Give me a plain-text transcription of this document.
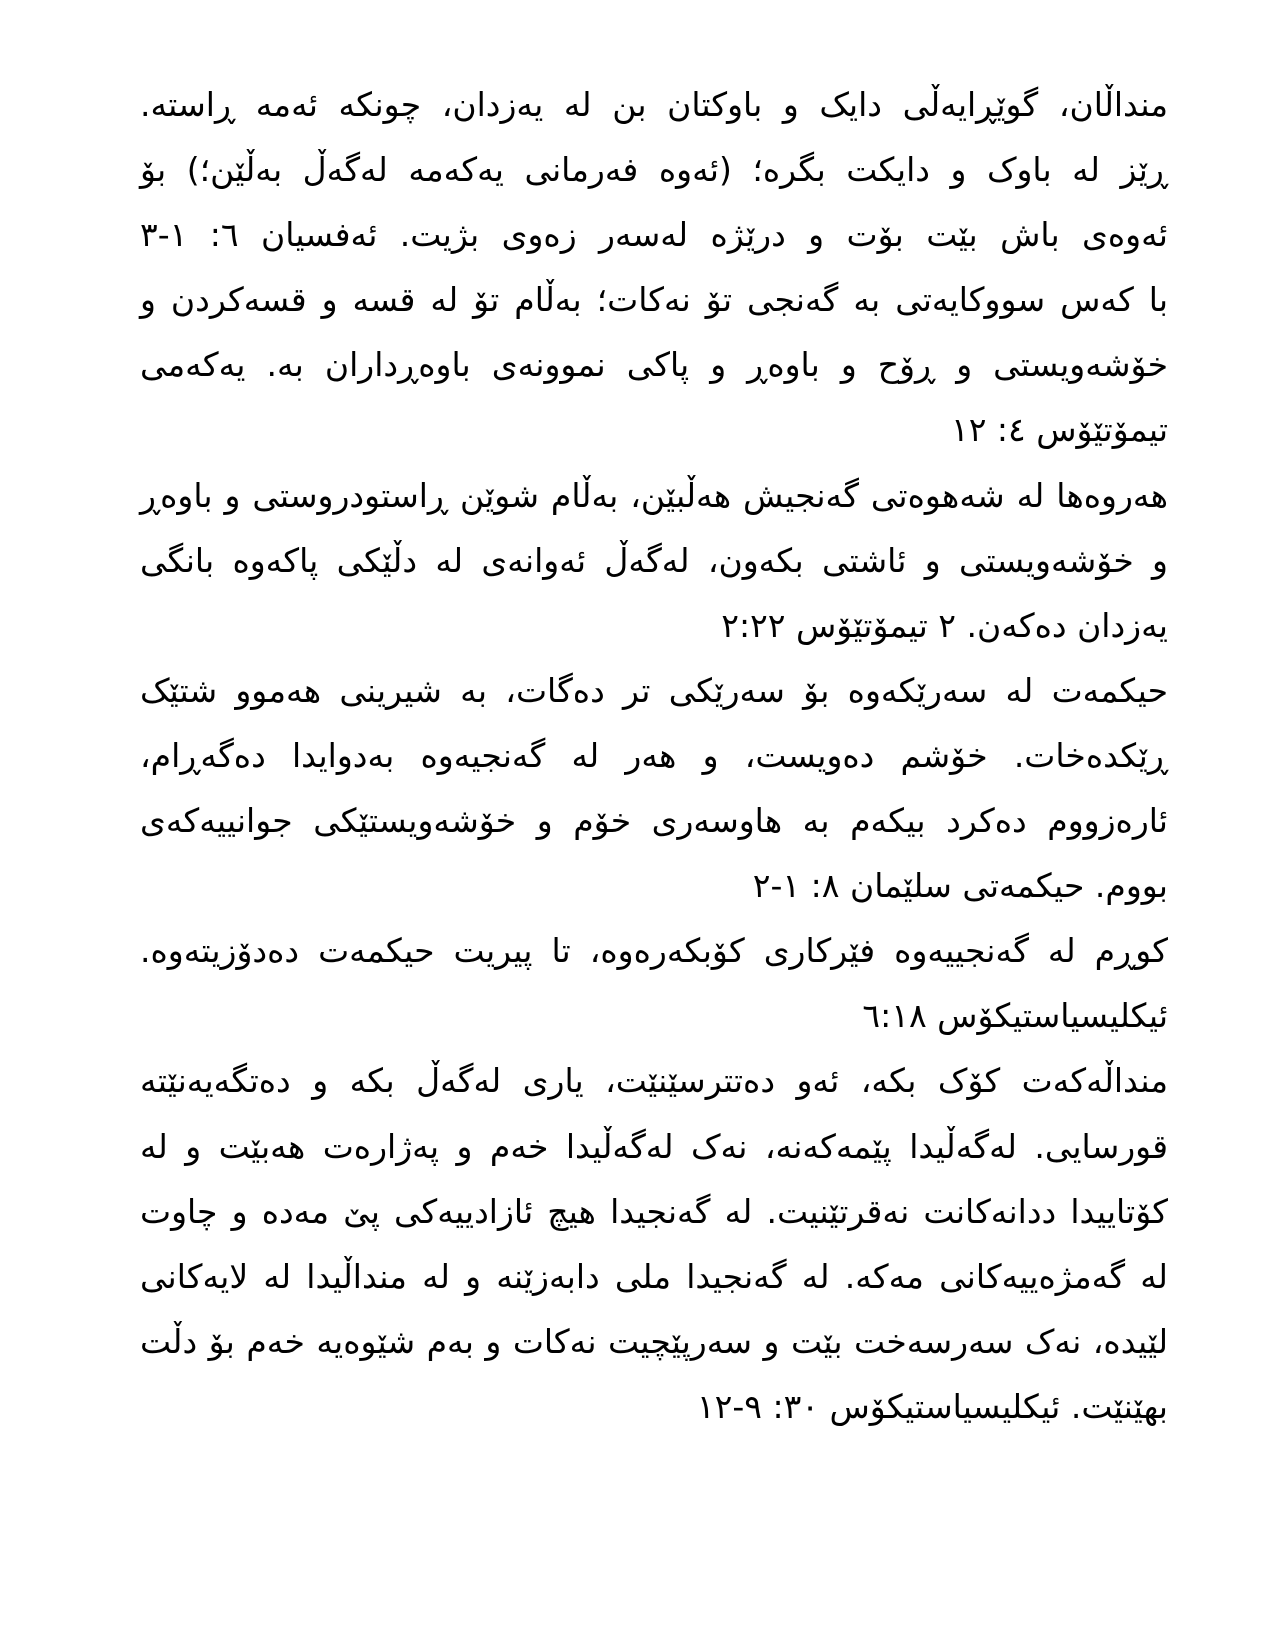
منداڵان، گوێڕایەڵی دایک و باوکتان بن لە یەزدان، چونکە ئەمە ڕاستە.
ڕێز لە باوک و دایکت بگرە؛ (ئەوە فەرمانی یەکەمە لەگەڵ بەڵێن؛) بۆ
ئەوەی باش بێت بۆت و درێژە لەسەر زەوی بژیت. ئەفسیان ٦: ١-٣
با کەس سووکایەتی بە گەنجی تۆ نەکات؛ بەڵام تۆ لە قسە و قسەکردن و
خۆشەویستی و ڕۆح و باوەڕ و پاکی نموونەی باوەڕداران بە. یەکەمی
تیمۆتێۆس ٤: ١٢
هەروەها لە شەهوەتی گەنجیش هەڵبێن، بەڵام شوێن ڕاستودروستی و باوەڕ
و خۆشەویستی و ئاشتی بکەون، لەگەڵ ئەوانەی لە دڵێکی پاکەوە بانگی
یەزدان دەکەن. ٢ تیمۆتێۆس ٢:٢٢
حیکمەت لە سەرێکەوە بۆ سەرێکی تر دەگات، بە شیرینی هەموو شتێک
ڕێکدەخات. خۆشم دەویست، و هەر لە گەنجیەوە بەدوایدا دەگەڕام،
ئارەزووم دەکرد بیکەم بە هاوسەری خۆم و خۆشەویستێکی جوانییەکەی
بووم. حیکمەتی سلێمان ٨: ١-٢
کوڕم لە گەنجییەوە فێرکاری کۆبکەرەوە، تا پیریت حیکمەت دەدۆزیتەوە.
ئیکلیسیاستیکۆس ٦:١٨
منداڵەکەت کۆک بکە، ئەو دەتترسێنێت، یاری لەگەڵ بکە و دەتگەیەنێتە
قورسایی. لەگەڵیدا پێمەکەنە، نەک لەگەڵیدا خەم و پەژارەت هەبێت و لە
کۆتاییدا ددانەکانت نەقرتێنیت. لە گەنجیدا هیچ ئازادییەکی پێ مەدە و چاوت
لە گەمژەییەکانی مەکە. لە گەنجیدا ملی دابەزێنە و لە منداڵیدا لە لایەکانی
لێیدە، نەک سەرسەخت بێت و سەرپێچیت نەکات و بەم شێوەیە خەم بۆ دڵت
بهێنێت. ئیکلیسیاستیکۆس ٣٠: ٩-١٢
